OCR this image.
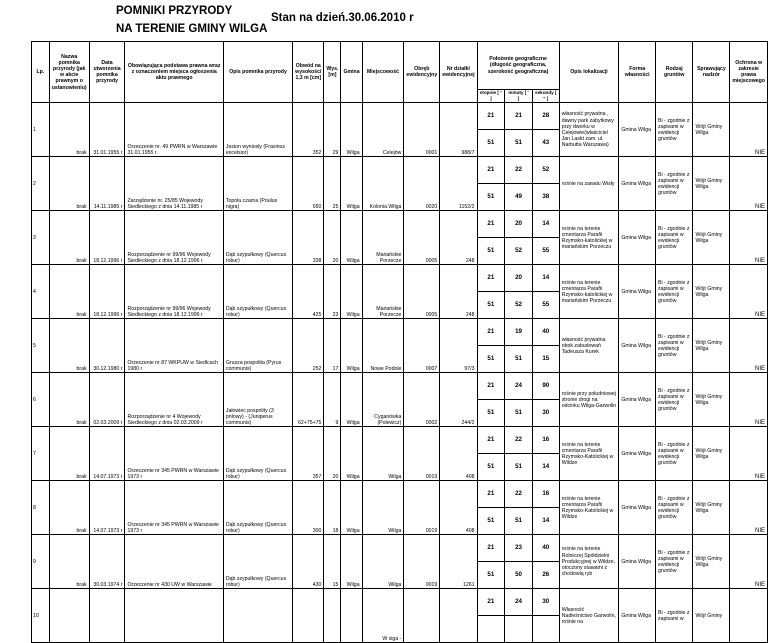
POMNIKI PRZYRODY
NA TERENIE GMINY WILGA
Stan na dzień.30.06.2010 r
Lp.	Nazwa pomnika przyrody (jak w akcie prawnym o ustanowieniu)	Data utworzenia pomnika przyrody	Obowiązująca podstawa prawna wraz z oznaczeniem miejsca ogłoszenia aktu prawnego	Opis pomnika przyrody	Obwód na wysokości 1,3 m [cm]	Wys. [m]	Gmina	Miejscowość	Obręb ewidencyjny	Nr działki ewidencyjnej	Położenie geograficzne (długość geograficzna, szerokość geograficzna)			Opis lokalizacji	Forma własności	Rodzaj gruntów	Sprawujący nadzór	Ochrona w zakresie prawa miejscowego
											stopnie [ ° ]	minuty [ ' ]	sekundy [ " ]					
1	brak	31.01.1955 r	Orzeczenie nr. 49 PWRN w Warszawie 31.01.1955 r.	Jesion wyniosły (Fraxinus excelsior)	352	29	Wilga	Celejów	0001	988/7	21	21	28	własność prywatna , dawny park zabytkowy przy dworku w Celejowie(właściciel Jan Laskt zam. ul. Narbutta Warszawa)	Gmina Wilga	Bi - zgodnie z zapisami w ewidencji gruntów	Wójt Gminy Wilga	NIE
											51	51	43					
2	brak	14.11.1985 r	Zarządzenie nr. 25/85 Wojewody Siedleckiego z dnia 14.11.1985 r	Topola czarna (Poulus nigra)	650	25	Wilga	Kolonia Wilga	0020	1152/2	21	22	52	rośnie na zawalu Wisły	Gmina Wilga	Bi - zgodnie z zapisami w ewidencji gruntów	Wójt Gminy Wilga	NIE
											51	49	38					
3	brak	18.12.1996 r	Rozporządzenie nr 99/96 Wojewody Siedleckiego z dnia 18.12.1996 r	Dąb szypułkowy (Quercus robur)	338	20	Wilga	Mariańskie Porzecze	0005	248	21	20	14	rośnie na terenie cmentarza Parafii Rzymsko-katolickiej w mariańskim Porzeczu	Gmina Wilga	Bi - zgodnie z zapisami w ewidencji gruntów	Wójt Gminy Wilga	NIE
											51	52	55					
4	brak	18.12.1996 r	Rozporządzenie nr 99/96 Wojewody Siedleckiego z dnia 18.12.1996 r	Dąb szypułkowy (Quercus robur)	425	23	Wilga	Mariańskie Porzecze	0005	248	21	20	14	rośnie na terenie cmentarza Parafii Rzymsko-katolickiej w mariańskim Porzeczu	Gmina Wilga	Bi - zgodnie z zapisami w ewidencji gruntów	Wójt Gminy Wilga	NIE
											51	52	55					
5	brak	30.12.1980 r	Orzeczenie nr 87 WKPUW w Siedlcach 1980 r	Grusza pospolita (Pyrus communis)	252	17	Wilga	Nowe Podole	0007	97/3	21	19	40	własność prywatna obok zabudowań Tadeusza Kurek	Gmina Wilga	Bi - zgodnie z zapisami w ewidencji gruntów	Wójt Gminy Wilga	NIE
											51	51	15					
6	brak	02.03.2009 r	Rozporządzenie nr 4 Wojewody Siedleckiego z dnia 02.03.2009 r	Jałowiec pospolity (3 pnlowy) - (Juniperus communis)	62+75+75	9	Wilga	Cyganówka (Polewicz)	0002	244/2	21	24	90	rośnie przy południowej stronie drogi na odcinku Wilga-Garwolin	Gmina Wilga	Bi - zgodnie z zapisami w ewidencji gruntów	Wójt Gminy Wilga	NIE
											51	51	30					
7	brak	14.07.1973 r	Orzeczenie nr 345 PWRN w Warszawie 1973 r	Dąb szypułkowy (Quercus robur)	357	20	Wilga	Wilga	0019	408	21	22	16	rośnie na terenie cmentarza Parafii Rzymsko-Katolickiej w Wildze	Gmina Wilga	Bi - zgodnie z zapisami w ewidencji gruntów	Wójt Gminy Wilga	NIE
											51	51	14					
8	brak	14.07.1973 r	Orzeczenie nr 345 PWRN w Warszawie 1973 r	Dąb szypułkowy (Quercus robur)	300	18	Wilga	Wilga	0019	408	21	22	16	rośnie na terenie cmentarza Parafii Rzymsko-Katolickiej w Wildze	Gmina Wilga	Bi - zgodnie z zapisami w ewidencji gruntów	Wójt Gminy Wilga	NIE
											51	51	14					
9	brak	30.03.1974 r	Orzeczenie nr 430 UW w Warszawie	Dąb szypułkowy (Quercus robur)	430	15	Wilga	Wilga	0019	1261	21	23	40	rośnie na terenie Rolniczej Spółdzielni Produkcyjnej w Wildze, otoczony stawami z chodowią ryb	Gmina Wilga	Bi - zgodnie z zapisami w ewidencji gruntów	Wójt Gminy Wilga	NIE
											51	50	26					
10								W siga -			21	24	30	Własność Nadleśnictwo Garwolin, rośnie na	Gmina Wilga	Bi - zgodnie z zapisami w	Wójt Gminy	
